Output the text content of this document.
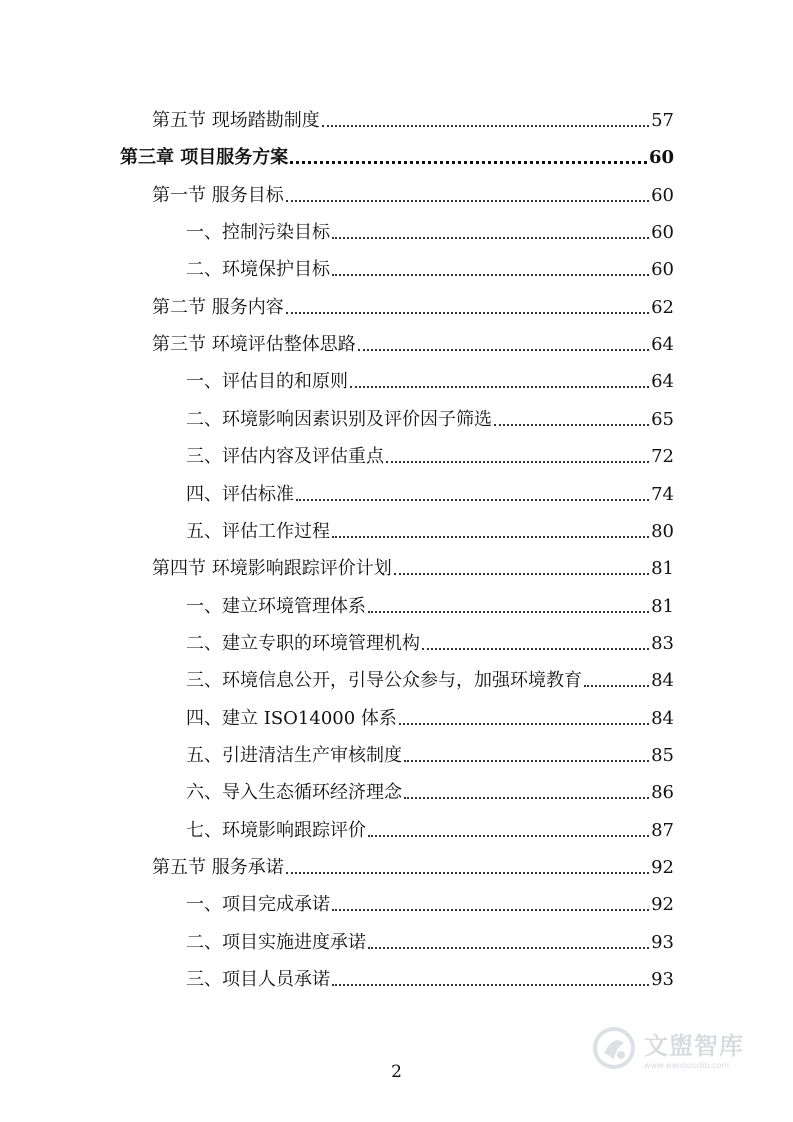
第五节 现场踏勘制度	57
第三章 项目服务方案	60
第一节 服务目标	60
一、控制污染目标	60
二、环境保护目标	60
第二节 服务内容	62
第三节 环境评估整体思路	64
一、评估目的和原则	64
二、环境影响因素识别及评价因子筛选	65
三、评估内容及评估重点	72
四、评估标准	74
五、评估工作过程	80
第四节 环境影响跟踪评价计划	81
一、建立环境管理体系	81
二、建立专职的环境管理机构	83
三、环境信息公开，引导公众参与，加强环境教育	84
四、建立 ISO14000 体系	84
五、引进清洁生产审核制度	85
六、导入生态循环经济理念	86
七、环境影响跟踪评价	87
第五节 服务承诺	92
一、项目完成承诺	92
二、项目实施进度承诺	93
三、项目人员承诺	93
2
文盥智库
www.wendoudib.com
